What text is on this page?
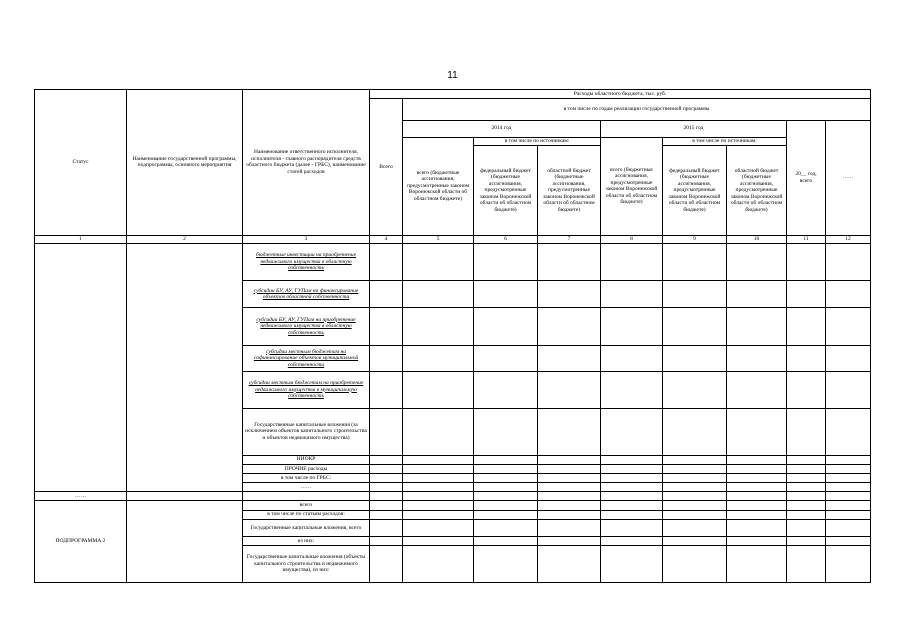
11
Статус	Наименование государственной программы, подпрограммы, основного мероприятия	Наименование ответственного исполнителя, исполнителя - главного распорядителя средств областного бюджета (далее - ГРБС), наименование статей расходов	Расходы областного бюджета, тыс. руб.								
			Всего	в том числе по годам реализации государственной программы							
				2014 год			2015 год			20__ год, всего	……
				всего (бюджетные ассигнования, предусмотренные законом Воронежской области об областном бюджете)	в том числе по источникам:		всего (бюджетные ассигнования, предусмотренные законом Воронежской области об областном бюджете)	в том числе по источникам:			
					федеральный бюджет (бюджетные ассигнования, предусмотренные законом Воронежской области об областном бюджете)	областной бюджет (бюджетные ассигнования, предусмотренные законом Воронежской области об областном бюджете)		федеральный бюджет (бюджетные ассигнования, предусмотренные законом Воронежской области об областном бюджете)	областной бюджет (бюджетные ассигнования, предусмотренные законом Воронежской области об областном бюджете)		
1	2	3	4	5	6	7	8	9	10	11	12
		бюджетные инвестиции на приобретение недвижимого имущества в областную собственность									
		субсидии БУ, АУ, ГУПам на финансирование объектов областной собственности									
		субсидии БУ, АУ, ГУПам на приобретение недвижимого имущества в областную собственность									
		субсидии местным бюджетам на софинансирование объектов муниципальной собственности									
		субсидии местным бюджетам на приобретение недвижимого имущества в муниципальную собственность									
		Государственные капитальные вложения (за исключением объектов капитального строительства и объектов недвижимого имущества)									
		НИОКР									
		ПРОЧИЕ расходы									
		в том числе по ГРБС:									
		……									
……											
ПОДПРОГРАММА 2		всего									
		в том числе по статьям расходов:									
		Государственные капитальные вложения, всего									
		из них:									
		Государственные капитальные вложения (объекты капитального строительства и недвижимого имущества), из них:									
